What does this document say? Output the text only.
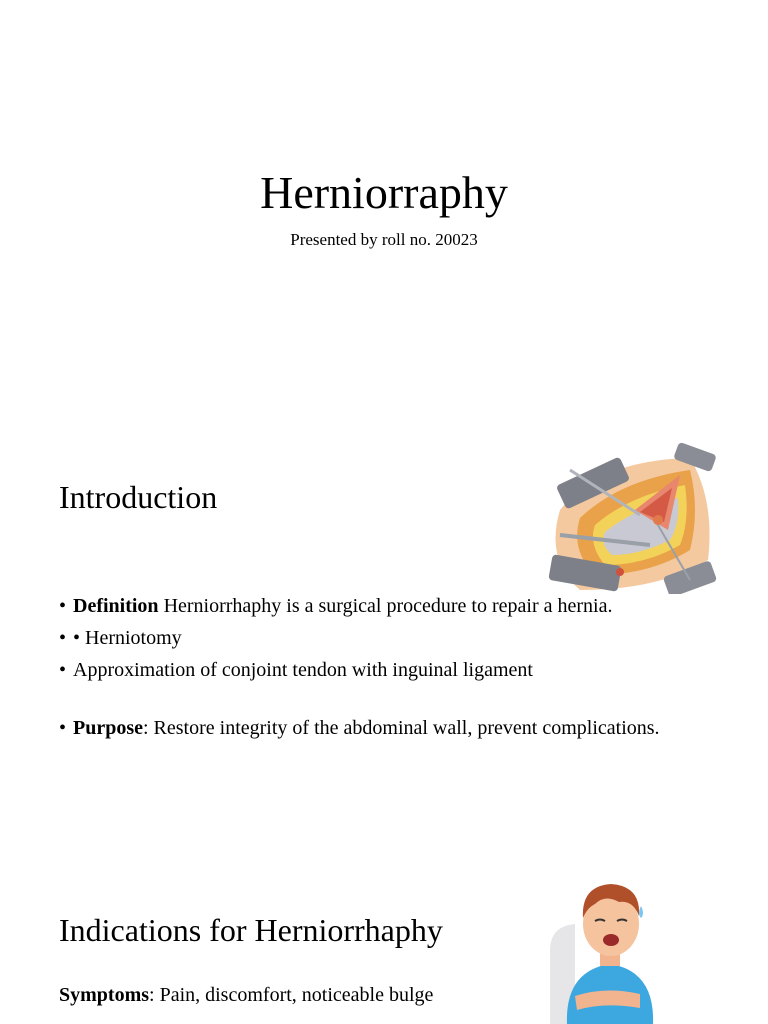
Herniorraphy
Presented by roll no. 20023
Introduction
• Definition Herniorrhaphy is a surgical procedure to repair a hernia.
• • Herniotomy
• Approximation of conjoint tendon with inguinal ligament
• Purpose: Restore integrity of the abdominal wall, prevent complications.
Indications for Herniorrhaphy
Symptoms: Pain, discomfort, noticeable bulge
